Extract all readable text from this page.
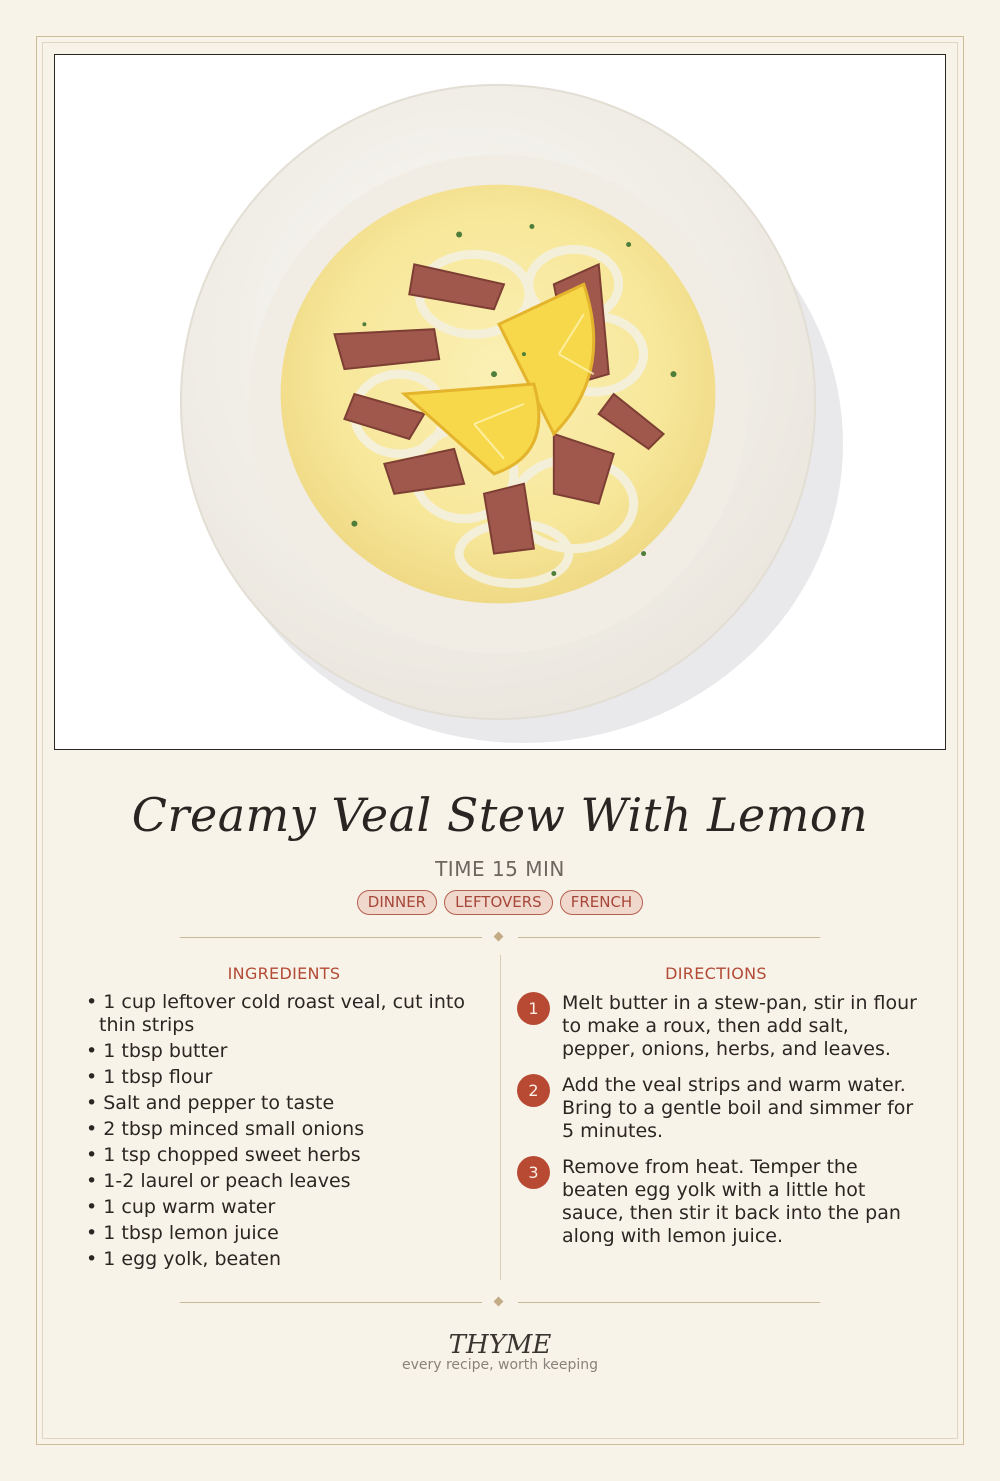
Creamy Veal Stew With Lemon
TIME 15 MIN
DINNER	LEFTOVERS	FRENCH
INGREDIENTS
• 1 cup leftover cold roast veal, cut into thin strips
• 1 tbsp butter
• 1 tbsp flour
• Salt and pepper to taste
• 2 tbsp minced small onions
• 1 tsp chopped sweet herbs
• 1-2 laurel or peach leaves
• 1 cup warm water
• 1 tbsp lemon juice
• 1 egg yolk, beaten
DIRECTIONS
1	Melt butter in a stew-pan, stir in flour to make a roux, then add salt, pepper, onions, herbs, and leaves.
2	Add the veal strips and warm water. Bring to a gentle boil and simmer for 5 minutes.
3	Remove from heat. Temper the beaten egg yolk with a little hot sauce, then stir it back into the pan along with lemon juice.
THYME
every recipe, worth keeping
